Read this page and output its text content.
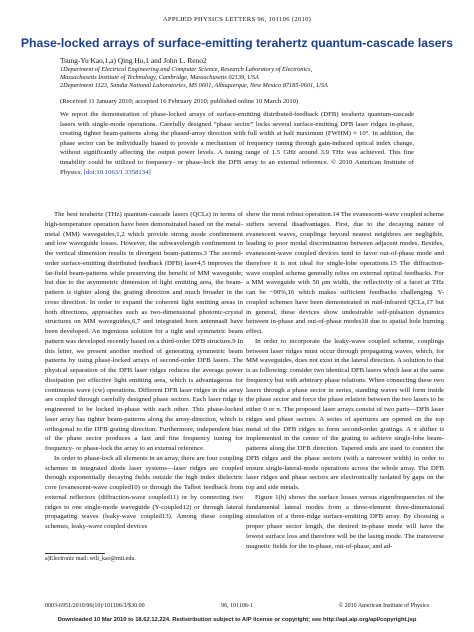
APPLIED PHYSICS LETTERS 96, 101106 (2010)
Phase-locked arrays of surface-emitting terahertz quantum-cascade lasers
Tsung-Yu Kao,1,a) Qing Hu,1 and John L. Reno2
1Department of Electrical Engineering and Computer Science, Research Laboratory of Electronics,
Massachusetts Institute of Technology, Cambridge, Massachusetts 02139, USA
2Department 1123, Sandia National Laboratories, MS 0601, Albuquerque, New Mexico 87185-0601, USA
(Received 11 January 2010; accepted 16 February 2010; published online 10 March 2010)
We report the demonstration of phase-locked arrays of surface-emitting distributed-feedback (DFB) terahertz quantum-cascade lasers with single-mode operations. Carefully designed “phase sector” locks several surface-emitting DFB laser ridges in-phase, creating tighter beam-patterns along the phased-array direction with full width at half maximum (FWHM) ≈ 10°. In addition, the phase sector can be individually biased to provide a mechanism of frequency tuning through gain-induced optical index change, without significantly affecting the output power levels. A tuning range of 1.5 GHz around 3.9 THz was achieved. This fine tunability could be utilized to frequency- or phase-lock the DFB array to an external reference. © 2010 American Institute of Physics. [doi:10.1063/1.3358134]

The best terahertz (THz) quantum-cascade lasers (QCLs) in terms of high-temperature operation have been demonstrated based on the metal-metal (MM) waveguides,1,2 which provide strong mode confinement and low waveguide losses. However, the subwavelength confinement in the vertical dimension results in divergent beam-patterns.3 The second-order surface-emitting distributed feedback (DFB) laser4,5 improves the far-field beam-patterns while preserving the benefit of MM waveguide; but due to the asymmetric dimension of light emitting area, the beam-pattern is tighter along the grating direction and much broader in the cross direction. In order to expand the coherent light emitting areas in both directions, approaches such as two-dimensional photonic-crystal structures on MM waveguides,6,7 and integrated horn antennas8 have been developed. An ingenious solution for a tight and symmetric beam pattern was developed recently based on a third-order DFB structure.9 In this letter, we present another method of generating symmetric beam patterns by using phase-locked arrays of second-order DFB lasers. The physical separation of the DFB laser ridges reduces the average power dissipation per effective light emitting area, which is advantageous for continuous wave (cw) operations. Different DFB laser ridges in the array are coupled through carefully designed phase sectors. Each laser ridge is engineered to be locked in-phase with each other. This phase-locked laser array has tighter beam-patterns along the array-direction, which is orthogonal to the DFB grating direction. Furthermore, independent bias of the phase sector produces a fast and fine frequency tuning for frequency- or phase-lock the array to an external reference.

In order to phase-lock all elements in an array, there are four coupling schemes in integrated diode laser systems—laser ridges are coupled through exponentially decaying fields outside the high index dielectric core (evanescent-wave coupled10) or through the Talbot feedback from external reflectors (diffraction-wave coupled11) or by connecting two ridges to one single-mode waveguide (Y-coupled12) or through lateral propagating waves (leaky-wave coupled13). Among these coupling schemes, leaky-wave coupled devices

show the most robust operation.14 The evanescent-wave coupled scheme suffers several disadvantages. First, due to the decaying nature of evanescent waves, couplings beyond nearest neighbors are negligible, leading to poor modal discrimination between adjacent modes. Besides, evanescent-wave coupled devices tend to favor out-of-phase mode and therefore it is not ideal for single-lobe operations.15 The diffraction-wave coupled scheme generally relies on external optical feedbacks. For a MM waveguide with 50 μm width, the reflectivity of a facet at THz can be ~90%,16 which makes sufficient feedbacks challenging. Y-coupled schemes have been demonstrated in mid-infrared QCLs,17 but in general, these devices show undesirable self-pulsation dynamics between in-phase and out-of-phase modes18 due to spatial hole burning effect.

In order to incorporate the leaky-wave coupled scheme, couplings between laser ridges must occur through propagating waves, which, for MM waveguides, does not exist in the lateral direction. A solution to that is as following: consider two identical DFB lasers which lase at the same frequency but with arbitrary phase relations. When connecting these two lasers through a phase sector in series, standing waves will form inside the phase sector and force the phase relation between the two lasers to be either 0 or π. The proposed laser arrays consist of two parts—DFB laser ridges and phase sectors. A series of apertures are opened on the top metal of the DFB ridges to form second-order gratings. A π shifter is implemented in the center of the grating to achieve single-lobe beam-patterns along the DFB direction. Tapered ends are used to connect the DFB ridges and the phase sectors (with a narrower width) in order to ensure single-lateral-mode operations across the whole array. The DFB laser ridges and phase sectors are electronically isolated by gaps on the top and side metals.

Figure 1(b) shows the surface losses versus eigenfrequencies of the fundamental lateral modes from a three-element three-dimensional simulation of a three-ridge surface-emitting DFB array. By choosing a proper phase sector length, the desired in-phase mode will have the lowest surface loss and therefore will be the lasing mode. The transverse magnetic fields for the in-phase, out-of-phase, and ad-

a)Electronic mail: wilt_kao@mit.edu.
0003-6951/2010/96(10)/101106/3/$30.00	96, 101106-1	© 2010 American Institute of Physics
Downloaded 10 Mar 2010 to 18.62.12.224. Redistribution subject to AIP license or copyright; see http://apl.aip.org/apl/copyright.jsp
